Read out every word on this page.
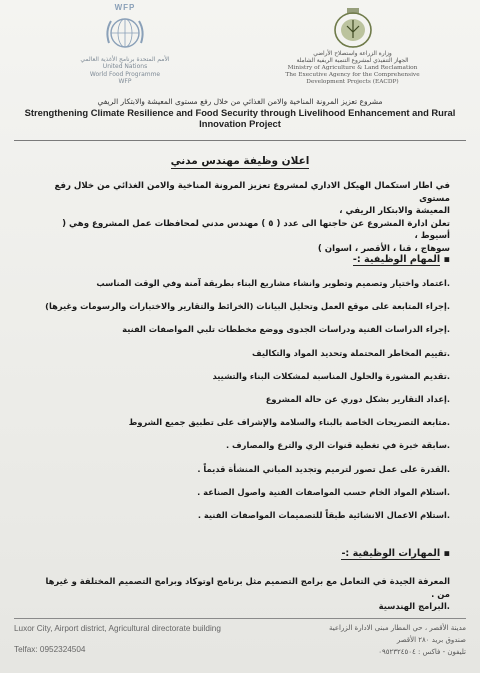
WFP
الأمم المتحدة برنامج الأغذية العالمي
United Nations
World Food Programme
WFP
وزارة الزراعة واستصلاح الأراضي
الجهاز التنفيذي لمشروع التنمية الريفية الشاملة
Ministry of Agriculture & Land Reclamation
The Executive Agency for the Comprehensive
Development Projects (EACDP)
مشروع تعزيز المرونة المناخية والامن الغذائي من خلال رفع مستوى المعيشة والابتكار الريفي
Strengthening Climate Resilience and Food Security through Livelihood Enhancement and Rural Innovation Project
اعلان وظيفة مهندس مدني
في اطار استكمال الهيكل الاداري لمشروع تعزيز المرونة المناخية والامن الغذائي من خلال رفع مستوى
المعيشة والابتكار الريفي ،
تعلن ادارة المشروع عن حاجتها الى عدد ( ٥ ) مهندس مدني لمحافظات عمل المشروع وهي ( أسيوط ،
سوهاج ، قنا ، الأقصر ، اسوان )
▪ المهام الوظيفية :-
.اعتماد واختيار وتصميم وتطوير وانشاء مشاريع البناء بطريقة آمنة وفي الوقت المناسب
.إجراء المتابعة على موقع العمل وتحليل البيانات (الخرائط والتقارير والاختبارات والرسومات وغيرها)
.إجراء الدراسات الفنية ودراسات الجدوى ووضع مخططات تلبي المواصفات الفنية
.تقييم المخاطر المحتملة وتحديد المواد والتكاليف
.تقديم المشورة والحلول المناسبة لمشكلات البناء والتشييد
.إعداد التقارير بشكل دوري عن حالة المشروع
.متابعة التصريحات الخاصة بالبناء والسلامة والإشراف على تطبيق جميع الشروط
.سابقة خبرة في تغطية قنوات الري والترع والمصارف .
.القدرة على عمل تصور لترميم وتجديد المباني المنشأة قديماً .
.استلام المواد الخام حسب المواصفات الفنية واصول الصناعة .
.استلام الاعمال الانشائية طبقاً للتصميمات المواصفات الفنية .
▪ المهارات الوظيفية :-
المعرفة الجيدة في التعامل مع برامج التصميم مثل برنامج اوتوكاد وبرامج التصميم المختلفة و غيرها من .
.البرامج الهندسية
Luxor City, Airport district, Agricultural directorate building
Telfax: 0952324504
مدينة الأقصر ، حي المطار مبنى الادارة الزراعية
صندوق بريد ٢٨٠ الأقصر
تليفون - فاكس : ٠٩٥٢٣٢٤٥٠٤
